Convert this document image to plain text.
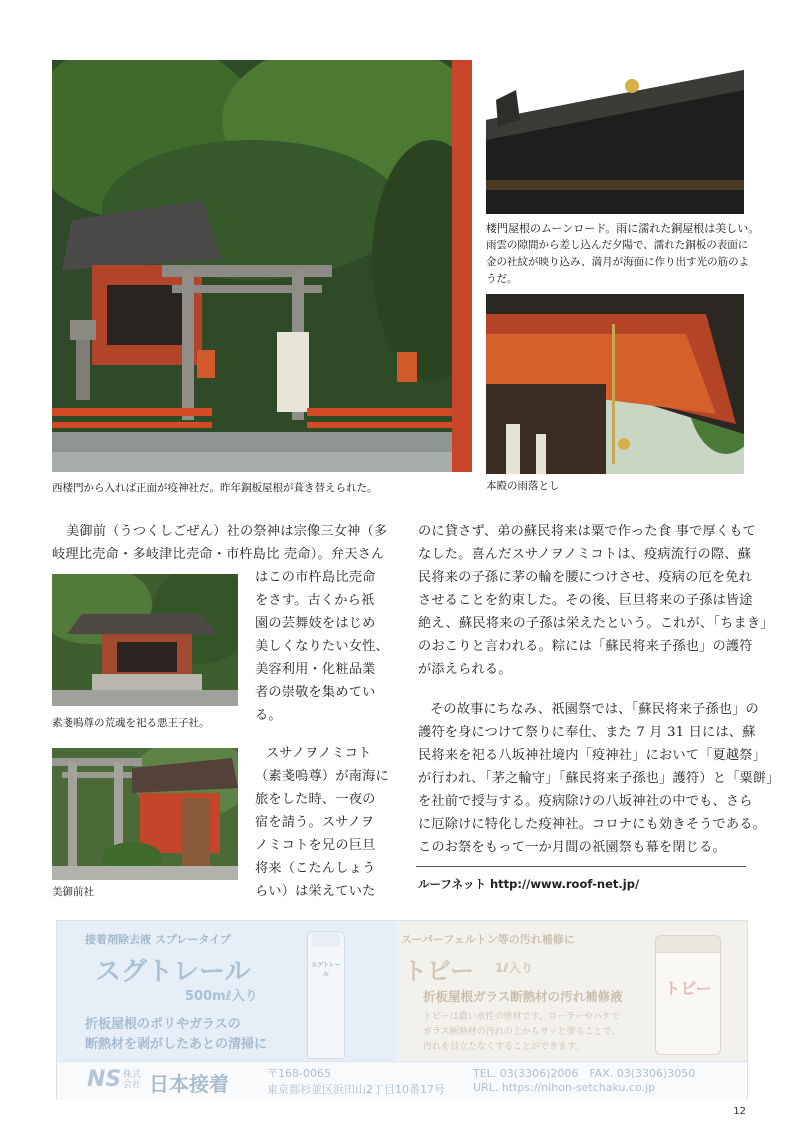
西楼門から入れば正面が疫神社だ。昨年銅板屋根が葺き替えられた。
楼門屋根のムーンロード。雨に濡れた銅屋根は美しい。
雨雲の隙間から差し込んだ夕陽で、濡れた銅板の表面に
金の社紋が映り込み、満月が海面に作り出す光の筋のよ
うだ。
本殿の雨落とし
美御前（うつくしごぜん）社の祭神は宗像三女神（多
岐理比売命・多岐津比売命・市杵島比 売命）。弁天さん
素戔嗚尊の荒魂を祀る悪王子社。
はこの市杵島比売命
をさす。古くから祇
園の芸舞妓をはじめ
美しくなりたい女性、
美容利用・化粧品業
者の崇敬を集めてい
る。
美御前社
スサノヲノミコト
（素戔嗚尊）が南海に
旅をした時、一夜の
宿を請う。スサノヲ
ノミコトを兄の巨旦
将来（こたんしょう
らい）は栄えていた
のに貸さず、弟の蘇民将来は粟で作った食 事で厚くもて
なした。喜んだスサノヲノミコトは、疫病流行の際、蘇
民将来の子孫に茅の輪を腰につけさせ、疫病の厄を免れ
させることを約束した。その後、巨旦将来の子孫は皆途
絶え、蘇民将来の子孫は栄えたという。これが、「ちまき」
のおこりと言われる。粽には「蘇民将来子孫也」の護符
が添えられる。
その故事にちなみ、祇園祭では、「蘇民将来子孫也」の
護符を身につけて祭りに奉仕、また 7 月 31 日には、蘇
民将来を祀る八坂神社境内「疫神社」において「夏越祭」
が行われ､「茅之輪守」「蘇民将来子孫也」護符）と「粟餅」
を社前で授与する。疫病除けの八坂神社の中でも、さら
に厄除けに特化した疫神社。コロナにも効きそうである。
このお祭をもって一か月間の祇園祭も幕を閉じる。
ルーフネット http://www.roof-net.jp/
接着剤除去液 スプレータイプ
スグトレール
500mℓ入り
折板屋根のポリやガラスの
断熱材を剥がしたあとの清掃に
スグトレール
スーパーフェルトン等の汚れ補修に
トビー 1ℓ入り
折板屋根ガラス断熱材の汚れ補修液
トビーは濃い水性の塗材です。ローラーやハケで
ガラス断熱材の汚れの上からサッと塗ることで、
汚れを目立たなくすることができます。
トビー
NS 株式会社 日本接着	〒168-0065
東京都杉並区浜田山2丁目10番17号
TEL. 03(3306)2006　FAX. 03(3306)3050
URL. https://nihon-setchaku.co.jp
12
